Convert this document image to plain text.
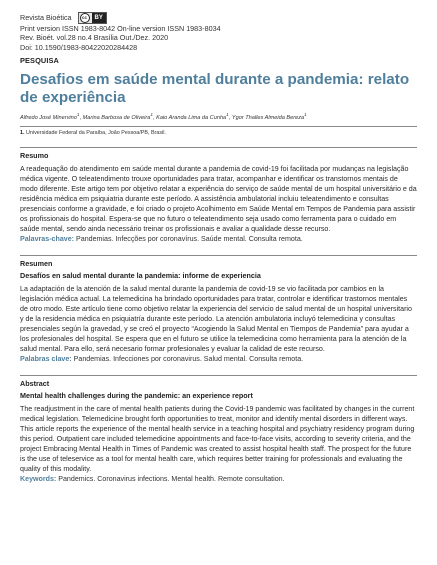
Revista Bioética	cc	BY
Print version ISSN 1983-8042 On-line version ISSN 1983-8034
Rev. Bioét. vol.28 no.4 Brasília Out./Dez. 2020
Doi: 10.1590/1983-80422020284428
PESQUISA
Desafios em saúde mental durante a pandemia: relato de experiência
Alfredo José Minervino$^1$, Marina Barbosa de Oliveira$^1$, Kaio Aranda Lima da Cunha$^1$, Ygor Thalles Almeida Bereza$^1$
1. Universidade Federal da Paraíba, João Pessoa/PB, Brasil.
Resumo
A readequação do atendimento em saúde mental durante a pandemia de covid-19 foi facilitada por mudanças na legislação médica vigente. O teleatendimento trouxe oportunidades para tratar, acompanhar e identificar os transtornos mentais de modo diferente. Este artigo tem por objetivo relatar a experiência do serviço de saúde mental de um hospital universitário e da residência médica em psiquiatria durante este período. A assistência ambulatorial incluiu teleatendimento e consultas presenciais conforme a gravidade, e foi criado o projeto Acolhimento em Saúde Mental em Tempos de Pandemia para assistir os profissionais do hospital. Espera-se que no futuro o teleatendimento seja usado como ferramenta para o cuidado em saúde mental, sendo ainda necessário treinar os profissionais e avaliar a qualidade desse recurso.
Palavras-chave: Pandemias. Infecções por coronavírus. Saúde mental. Consulta remota.
Resumen
Desafíos en salud mental durante la pandemia: informe de experiencia
La adaptación de la atención de la salud mental durante la pandemia de covid-19 se vio facilitada por cambios en la legislación médica actual. La telemedicina ha brindado oportunidades para tratar, controlar e identificar trastornos mentales de otro modo. Este artículo tiene como objetivo relatar la experiencia del servicio de salud mental de un hospital universitario y de la residencia médica en psiquiatría durante este período. La atención ambulatoria incluyó telemedicina y consultas presenciales según la gravedad, y se creó el proyecto “Acogiendo la Salud Mental en Tiempos de Pandemia” para ayudar a los profesionales del hospital. Se espera que en el futuro se utilice la telemedicina como herramienta para la atención de la salud mental. Para ello, será necesario formar profesionales y evaluar la calidad de este recurso.
Palabras clave: Pandemias. Infecciones por coronavirus. Salud mental. Consulta remota.
Abstract
Mental health challenges during the pandemic: an experience report
The readjustment in the care of mental health patients during the Covid-19 pandemic was facilitated by changes in the current medical legislation. Telemedicine brought forth opportunities to treat, monitor and identify mental disorders in different ways. This article reports the experience of the mental health service in a teaching hospital and psychiatry residency program during this period. Outpatient care included telemedicine appointments and face-to-face visits, according to severity criteria, and the project Embracing Mental Health in Times of Pandemic was created to assist hospital health staff. The prospect for the future is the use of teleservice as a tool for mental health care, which requires better training for professionals and evaluating the quality of this modality.
Keywords: Pandemics. Coronavirus infections. Mental health. Remote consultation.
